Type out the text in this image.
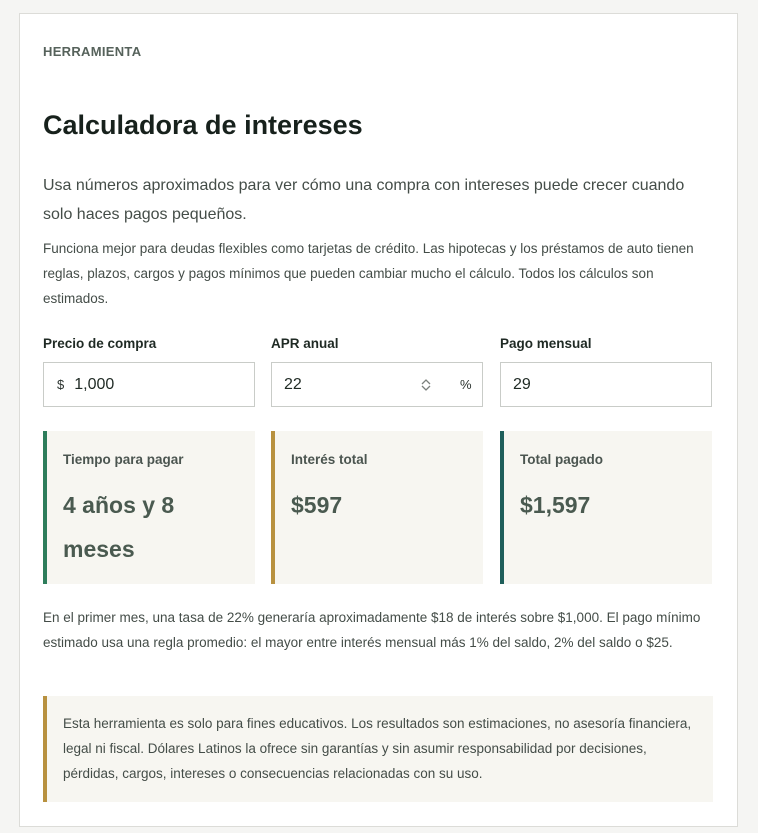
HERRAMIENTA
Calculadora de intereses

Usa números aproximados para ver cómo una compra con intereses puede crecer cuando solo haces pagos pequeños.

Funciona mejor para deudas flexibles como tarjetas de crédito. Las hipotecas y los préstamos de auto tienen reglas, plazos, cargos y pagos mínimos que pueden cambiar mucho el cálculo. Todos los cálculos son estimados.

Precio de compra
$ 1,000
APR anual
22	%
Pago mensual
29
Tiempo para pagar
4 años y 8 meses
Interés total
$597
Total pagado
$1,597

En el primer mes, una tasa de 22% generaría aproximadamente $18 de interés sobre $1,000. El pago mínimo estimado usa una regla promedio: el mayor entre interés mensual más 1% del saldo, 2% del saldo o $25.

Esta herramienta es solo para fines educativos. Los resultados son estimaciones, no asesoría financiera, legal ni fiscal. Dólares Latinos la ofrece sin garantías y sin asumir responsabilidad por decisiones, pérdidas, cargos, intereses o consecuencias relacionadas con su uso.
